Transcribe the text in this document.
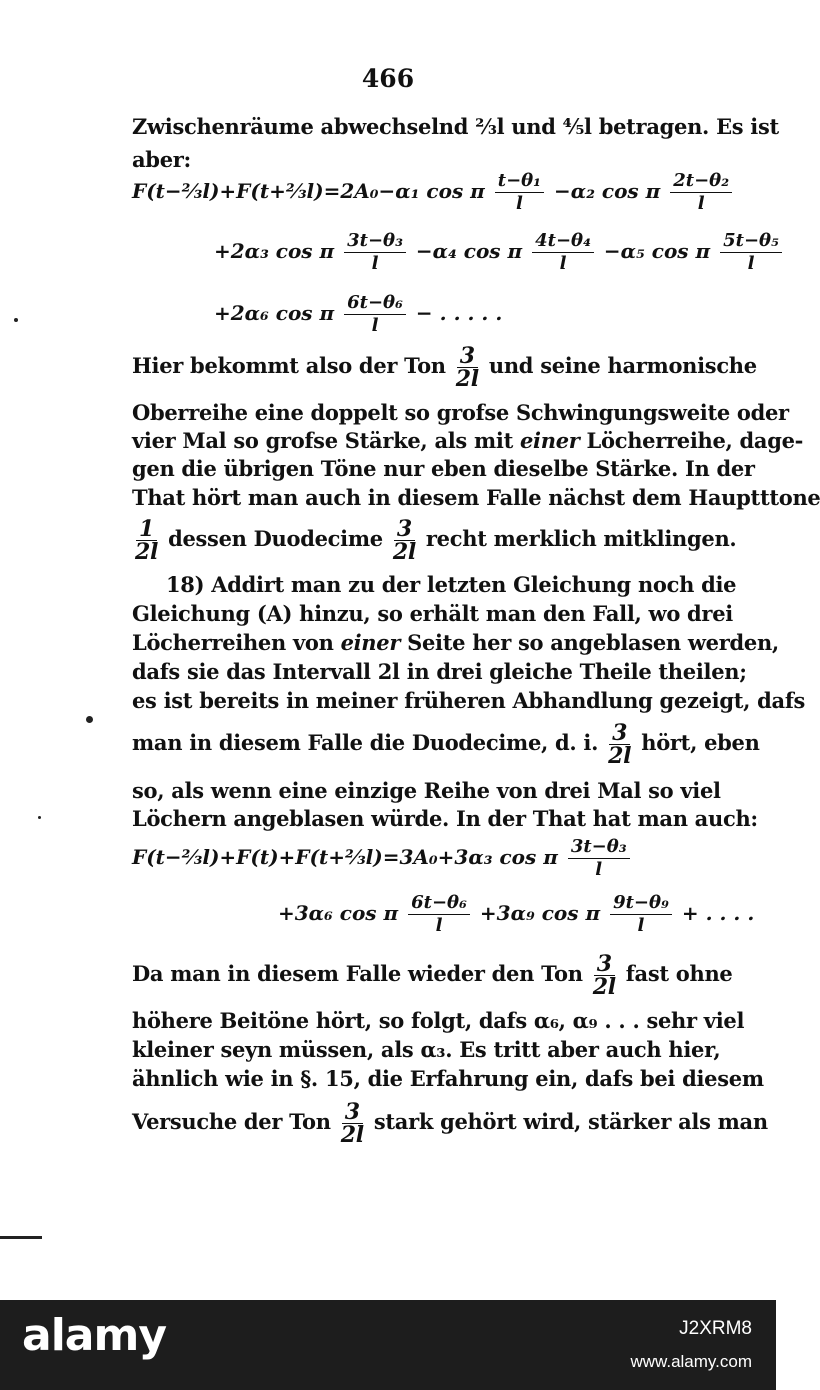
466
Zwischenräume abwechselnd ⅔l und ⅘l betragen. Es ist
aber:
F(t−⅔l)+F(t+⅔l)=2A₀−α₁ cos π $\frac{\text{t−θ₁}}{l} -\alpha_2$ cos π $\frac{\text{2t−θ₂}}{l}$
+2α₃ cos π $\frac{\text{3t−θ₃}}{l} -\alpha_4$ cos π $\frac{\text{4t−θ₄}}{l} -\alpha_5$ cos π $\frac{\text{5t−θ₅}}{l}$
+2α₆ cos π $\frac{\text{6t−θ₆}}{l}$ − . . . . .
Hier bekommt also der Ton $\frac{3}{2l}$ und seine harmonische
Oberreihe eine doppelt so grofse Schwingungsweite oder
vier Mal so grofse Stärke, als mit einer Löcherreihe, dage-
gen die übrigen Töne nur eben dieselbe Stärke. In der
That hört man auch in diesem Falle nächst dem Hauptttone
$\frac{1}{2l}$ dessen Duodecime $\frac{3}{2l}$ recht merklich mitklingen.
18) Addirt man zu der letzten Gleichung noch die
Gleichung (A) hinzu, so erhält man den Fall, wo drei
Löcherreihen von einer Seite her so angeblasen werden,
dafs sie das Intervall 2l in drei gleiche Theile theilen;
es ist bereits in meiner früheren Abhandlung gezeigt, dafs
man in diesem Falle die Duodecime, d. i. $\frac{3}{2l}$ hört, eben
so, als wenn eine einzige Reihe von drei Mal so viel
Löchern angeblasen würde. In der That hat man auch:
F(t−⅔l)+F(t)+F(t+⅔l)=3A₀+3α₃ cos π $\frac{\text{3t−θ₃}}{l}$
+3α₆ cos π $\frac{\text{6t−θ₆}}{l} +3\alpha_9$ cos π $\frac{\text{9t−θ₉}}{l}$ + . . . .
Da man in diesem Falle wieder den Ton $\frac{3}{2l}$ fast ohne
höhere Beitöne hört, so folgt, dafs α₆, α₉ . . . sehr viel
kleiner seyn müssen, als α₃. Es tritt aber auch hier,
ähnlich wie in §. 15, die Erfahrung ein, dafs bei diesem
Versuche der Ton $\frac{3}{2l}$ stark gehört wird, stärker als man
alamy	J2XRM8
www.alamy.com
